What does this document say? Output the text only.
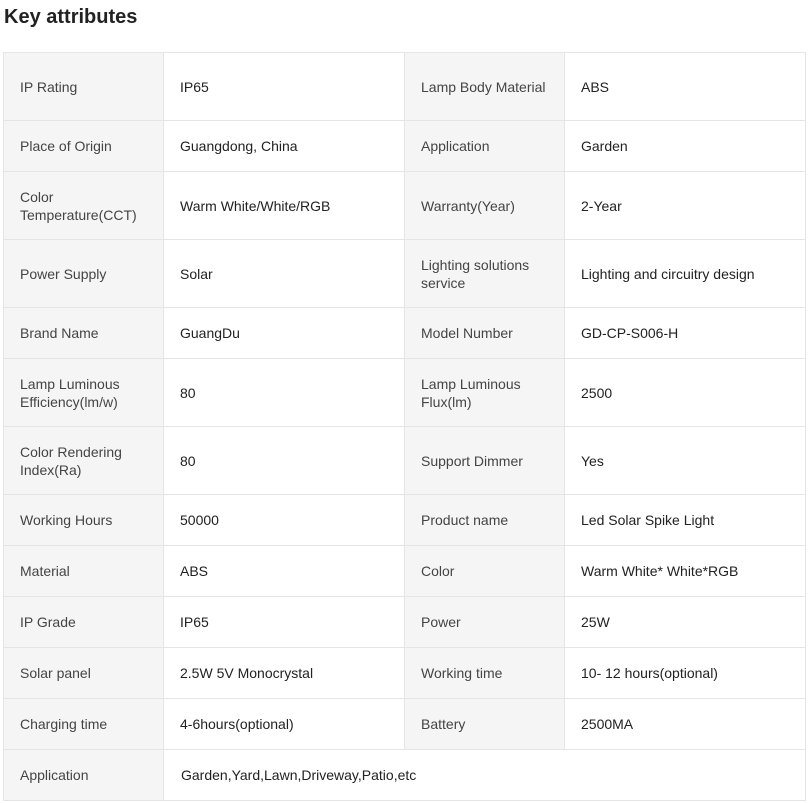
Key attributes
IP Rating	IP65	Lamp Body Material	ABS
Place of Origin	Guangdong, China	Application	Garden
Color Temperature(CCT)	Warm White/White/RGB	Warranty(Year)	2-Year
Power Supply	Solar	Lighting solutions service	Lighting and circuitry design
Brand Name	GuangDu	Model Number	GD-CP-S006-H
Lamp Luminous Efficiency(lm/w)	80	Lamp Luminous Flux(lm)	2500
Color Rendering Index(Ra)	80	Support Dimmer	Yes
Working Hours	50000	Product name	Led Solar Spike Light
Material	ABS	Color	Warm White* White*RGB
IP Grade	IP65	Power	25W
Solar panel	2.5W 5V Monocrystal	Working time	10- 12 hours(optional)
Charging time	4-6hours(optional)	Battery	2500MA
Application	Garden,Yard,Lawn,Driveway,Patio,etc		
